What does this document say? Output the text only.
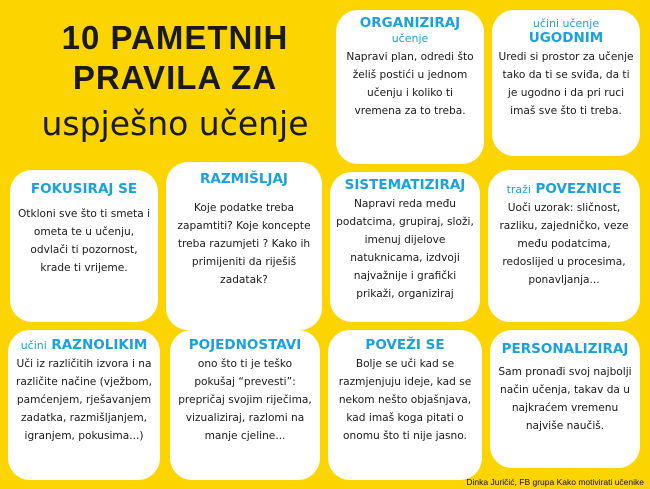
10 PAMETNIH
PRAVILA ZA
uspješno učenje
ORGANIZIRAJ
učenje
Napravi plan, odredi što želiš postići u jednom učenju i koliko ti vremena za to treba.
učini učenje
UGODNIM
Uredi si prostor za učenje tako da ti se sviđa, da ti je ugodno i da pri ruci imaš sve što ti treba.
FOKUSIRAJ SE
Otkloni sve što ti smeta i ometa te u učenju, odvlači ti pozornost, krade ti vrijeme.
RAZMIŠLJAJ
Koje podatke treba zapamtiti? Koje koncepte treba razumjeti ? Kako ih primijeniti da riješiš zadatak?
SISTEMATIZIRAJ
Napravi reda među podatcima, grupiraj, složi, imenuj dijelove natuknicama, izdvoji najvažnije i grafički prikaži, organiziraj
traži POVEZNICE
Uoči uzorak: sličnost, razliku, zajedničko, veze među podatcima, redoslijed u procesima, ponavljanja...
učini RAZNOLIKIM
Uči iz različitih izvora i na različite načine (vježbom, pamćenjem, rješavanjem zadatka, razmišljanjem, igranjem, pokusima...)
POJEDNOSTAVI
ono što ti je teško pokušaj “prevesti”: prepričaj svojim riječima, vizualiziraj, razlomi na manje cjeline...
POVEŽI SE
Bolje se uči kad se razmjenjuju ideje, kad se nekom nešto objašnjava, kad imaš koga pitati o onomu što ti nije jasno.
PERSONALIZIRAJ
Sam pronađi svoj najbolji način učenja, takav da u najkraćem vremenu najviše naučiš.
Dinka Juričić, FB grupa Kako motivirati učenike
